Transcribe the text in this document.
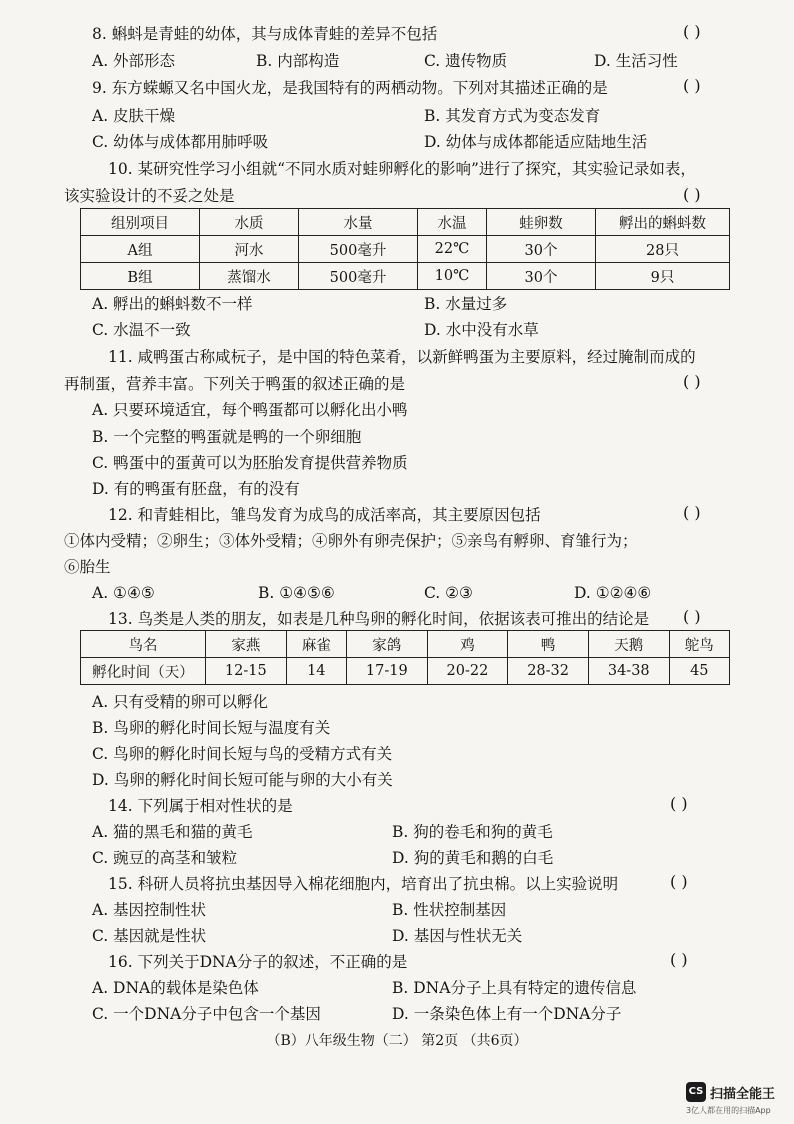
8. 蝌蚪是青蛙的幼体，其与成体青蛙的差异不包括	( )
A. 外部形态	B. 内部构造	C. 遗传物质	D. 生活习性
9. 东方蝾螈又名中国火龙，是我国特有的两栖动物。下列对其描述正确的是	( )
A. 皮肤干燥	B. 其发育方式为变态发育
C. 幼体与成体都用肺呼吸	D. 幼体与成体都能适应陆地生活
10. 某研究性学习小组就“不同水质对蛙卵孵化的影响”进行了探究，其实验记录如表，
该实验设计的不妥之处是	( )
组别项目	水质	水量	水温	蛙卵数	孵出的蝌蚪数
A组	河水	500毫升	22℃	30个	28只
B组	蒸馏水	500毫升	10℃	30个	9只
A. 孵出的蝌蚪数不一样	B. 水量过多
C. 水温不一致	D. 水中没有水草
11. 咸鸭蛋古称咸杬子，是中国的特色菜肴，以新鲜鸭蛋为主要原料，经过腌制而成的
再制蛋，营养丰富。下列关于鸭蛋的叙述正确的是	( )
A. 只要环境适宜，每个鸭蛋都可以孵化出小鸭
B. 一个完整的鸭蛋就是鸭的一个卵细胞
C. 鸭蛋中的蛋黄可以为胚胎发育提供营养物质
D. 有的鸭蛋有胚盘，有的没有
12. 和青蛙相比，雏鸟发育为成鸟的成活率高，其主要原因包括	( )
①体内受精；②卵生；③体外受精；④卵外有卵壳保护；⑤亲鸟有孵卵、育雏行为；
⑥胎生
A. ①④⑤	B. ①④⑤⑥	C. ②③	D. ①②④⑥
13. 鸟类是人类的朋友，如表是几种鸟卵的孵化时间，依据该表可推出的结论是 ( )
鸟名	家燕	麻雀	家鸽	鸡	鸭	天鹅	鸵鸟
孵化时间（天）	12-15	14	17-19	20-22	28-32	34-38	45
A. 只有受精的卵可以孵化
B. 鸟卵的孵化时间长短与温度有关
C. 鸟卵的孵化时间长短与鸟的受精方式有关
D. 鸟卵的孵化时间长短可能与卵的大小有关
14. 下列属于相对性状的是	( )
A. 猫的黑毛和猫的黄毛	B. 狗的卷毛和狗的黄毛
C. 豌豆的高茎和皱粒	D. 狗的黄毛和鹅的白毛
15. 科研人员将抗虫基因导入棉花细胞内，培育出了抗虫棉。以上实验说明	( )
A. 基因控制性状	B. 性状控制基因
C. 基因就是性状	D. 基因与性状无关
16. 下列关于DNA分子的叙述，不正确的是	( )
A. DNA的载体是染色体	B. DNA分子上具有特定的遗传信息
C. 一个DNA分子中包含一个基因	D. 一条染色体上有一个DNA分子
（B）八年级生物（二） 第2页 （共6页）
CS 扫描全能王
3亿人都在用的扫描App
